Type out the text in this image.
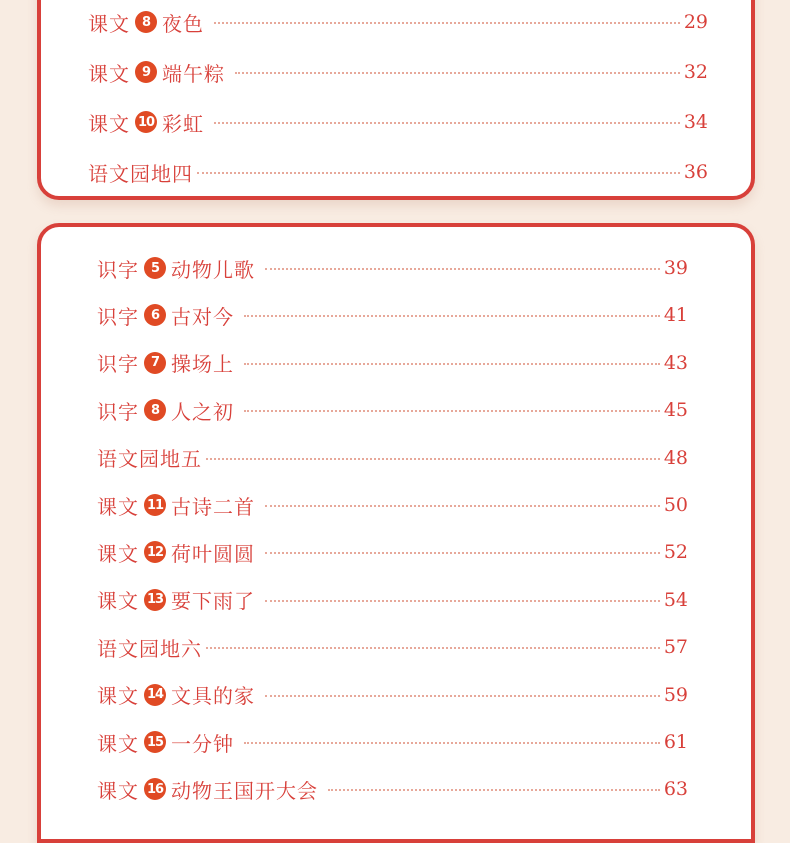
课文 8 夜色	29
课文 9 端午粽	32
课文 10 彩虹	34
语文园地四	36
识字 5 动物儿歌	39
识字 6 古对今	41
识字 7 操场上	43
识字 8 人之初	45
语文园地五	48
课文 11 古诗二首	50
课文 12 荷叶圆圆	52
课文 13 要下雨了	54
语文园地六	57
课文 14 文具的家	59
课文 15 一分钟	61
课文 16 动物王国开大会	63
